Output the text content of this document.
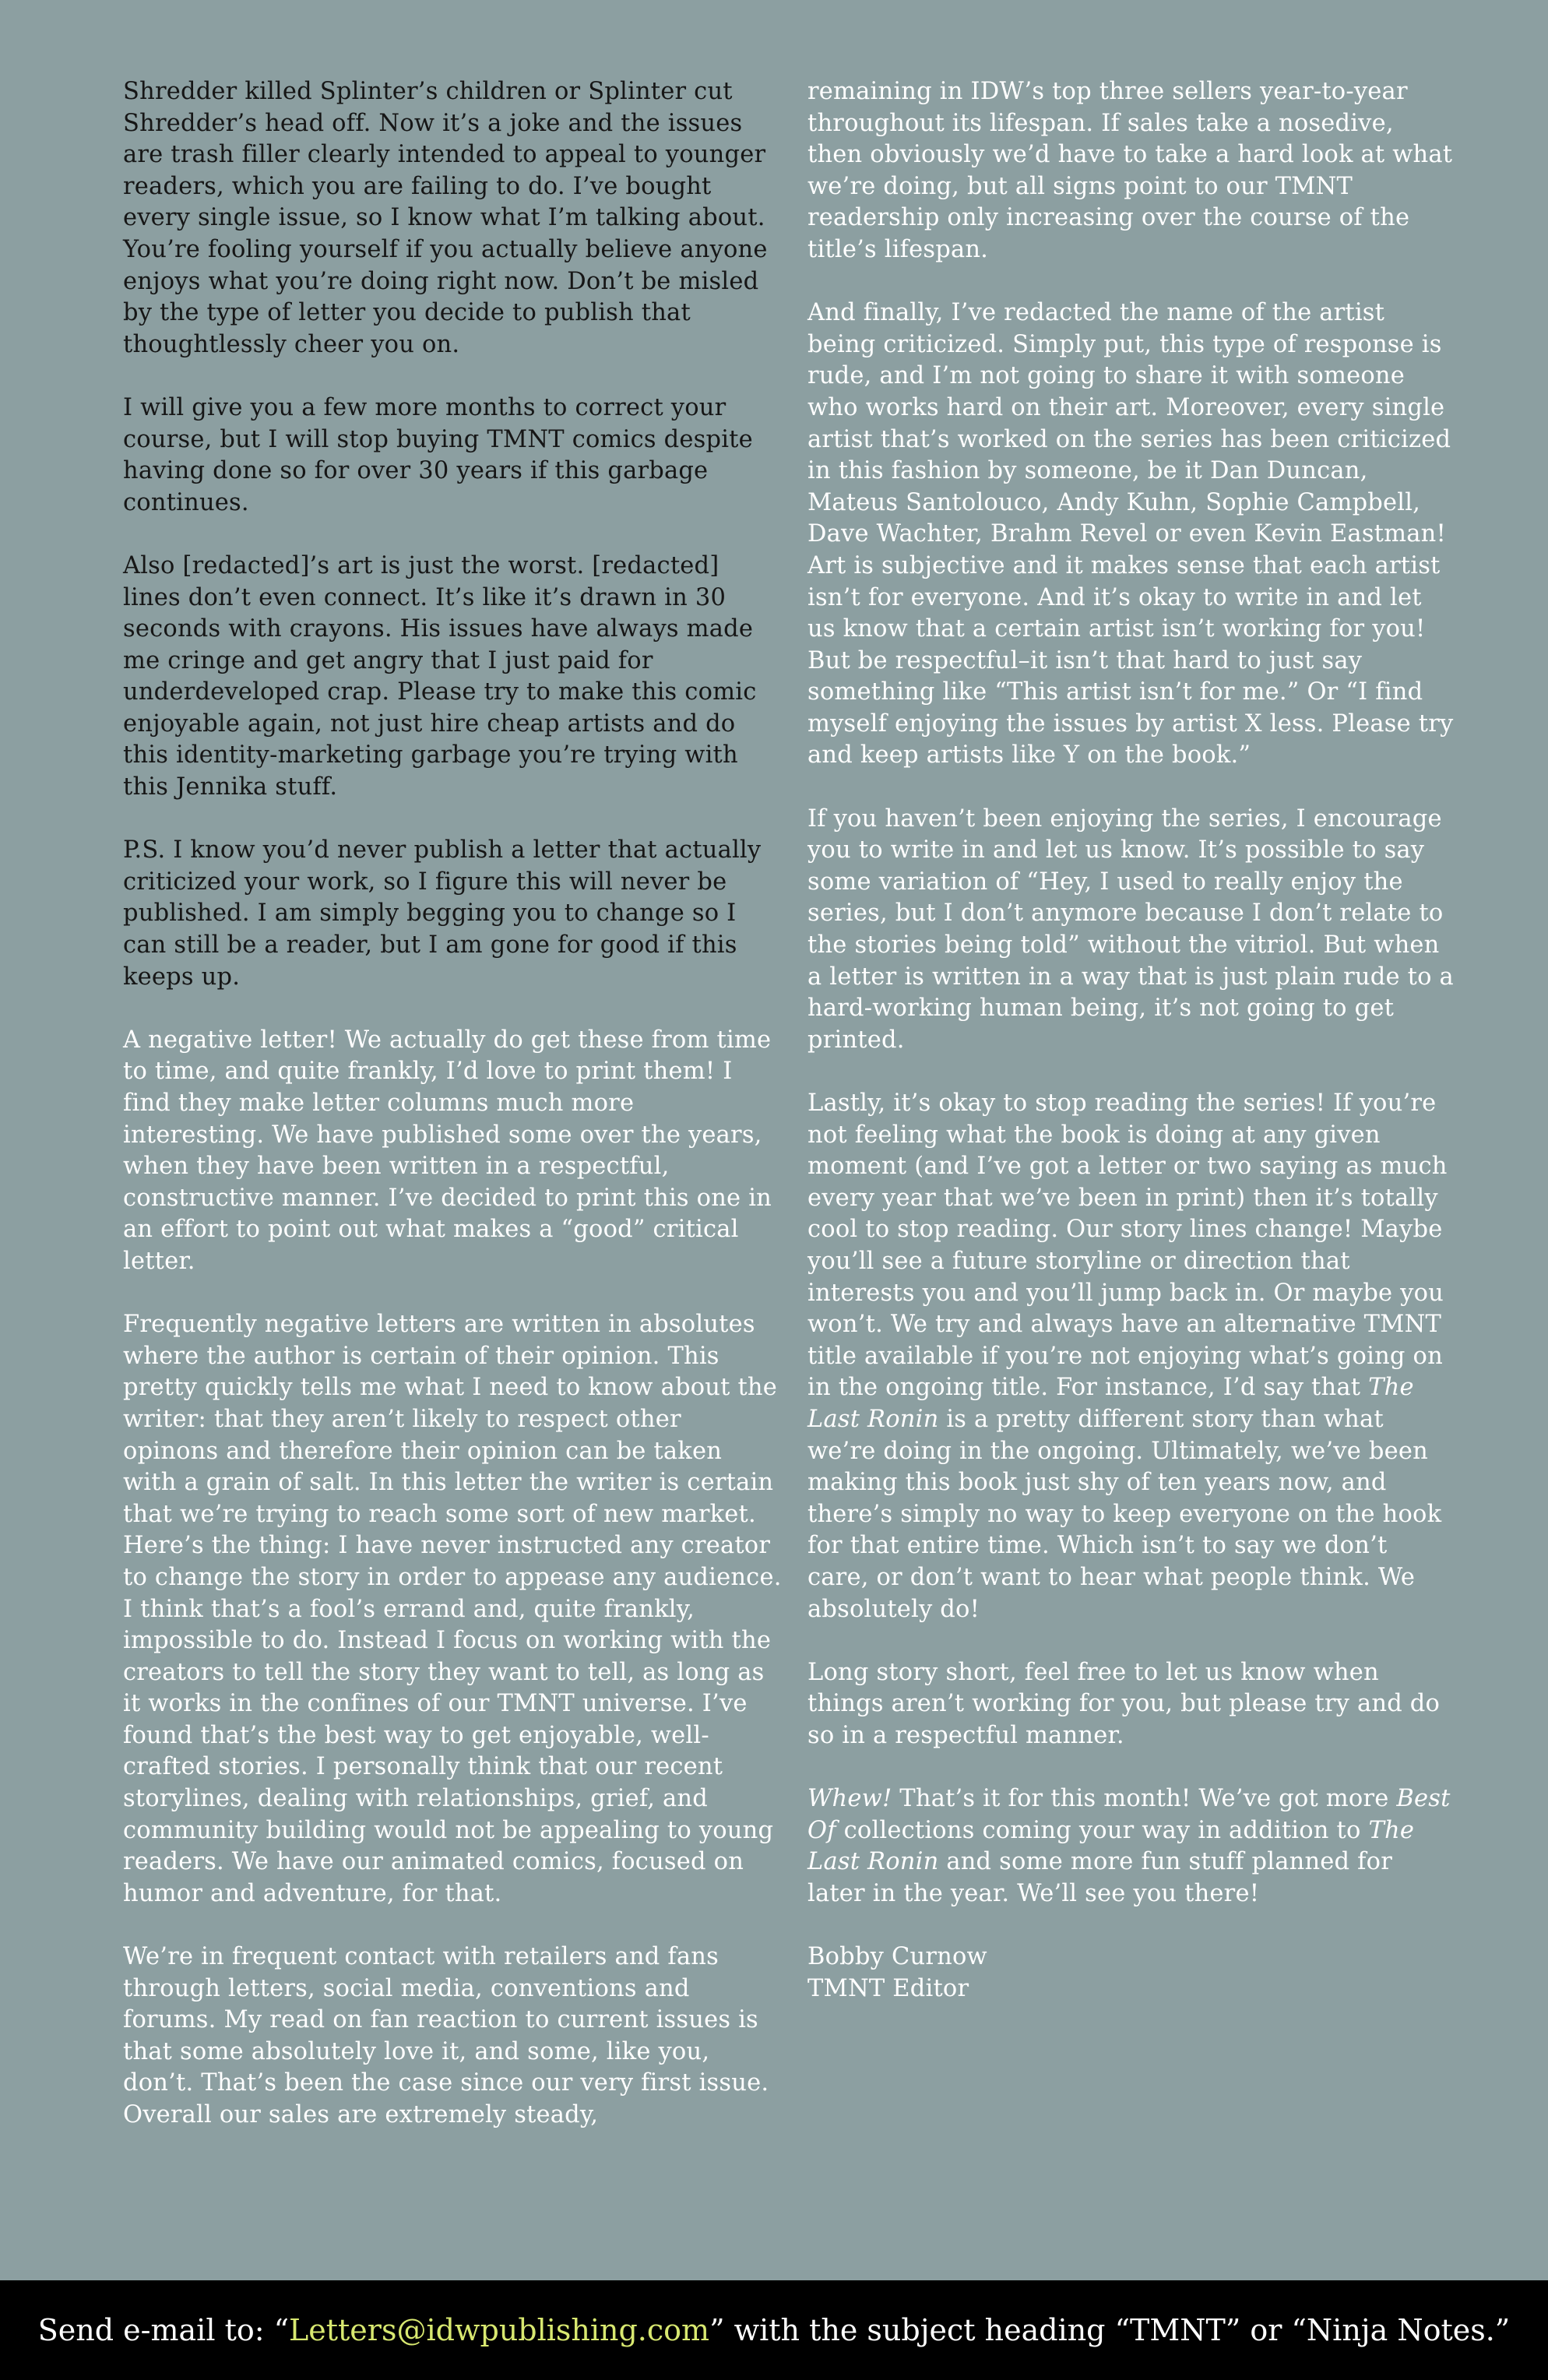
Shredder killed Splinter’s children or Splinter cut Shredder’s head off. Now it’s a joke and the issues are trash filler clearly intended to appeal to younger readers, which you are failing to do. I’ve bought every single issue, so I know what I’m talking about. You’re fooling yourself if you actually believe anyone enjoys what you’re doing right now. Don’t be misled by the type of letter you decide to publish that thoughtlessly cheer you on.

I will give you a few more months to correct your course, but I will stop buying TMNT comics despite having done so for over 30 years if this garbage continues.

Also [redacted]’s art is just the worst. [redacted] lines don’t even connect. It’s like it’s drawn in 30 seconds with crayons. His issues have always made me cringe and get angry that I just paid for underdeveloped crap. Please try to make this comic enjoyable again, not just hire cheap artists and do this identity-marketing garbage you’re trying with this Jennika stuff.

P.S. I know you’d never publish a letter that actually criticized your work, so I figure this will never be published. I am simply begging you to change so I can still be a reader, but I am gone for good if this keeps up.

A negative letter! We actually do get these from time to time, and quite frankly, I’d love to print them! I find they make letter columns much more interesting. We have published some over the years, when they have been written in a respectful, constructive manner. I’ve decided to print this one in an effort to point out what makes a “good” critical letter.

Frequently negative letters are written in absolutes where the author is certain of their opinion. This pretty quickly tells me what I need to know about the writer: that they aren’t likely to respect other opinons and therefore their opinion can be taken with a grain of salt. In this letter the writer is certain that we’re trying to reach some sort of new market. Here’s the thing: I have never instructed any creator to change the story in order to appease any audience. I think that’s a fool’s errand and, quite frankly, impossible to do. Instead I focus on working with the creators to tell the story they want to tell, as long as it works in the confines of our TMNT universe. I’ve found that’s the best way to get enjoyable, well-crafted stories. I personally think that our recent storylines, dealing with relationships, grief, and community building would not be appealing to young readers. We have our animated comics, focused on humor and adventure, for that.

We’re in frequent contact with retailers and fans through letters, social media, conventions and forums. My read on fan reaction to current issues is that some absolutely love it, and some, like you, don’t. That’s been the case since our very first issue. Overall our sales are extremely steady,

remaining in IDW’s top three sellers year-to-year throughout its lifespan. If sales take a nosedive, then obviously we’d have to take a hard look at what we’re doing, but all signs point to our TMNT readership only increasing over the course of the title’s lifespan.

And finally, I’ve redacted the name of the artist being criticized. Simply put, this type of response is rude, and I’m not going to share it with someone who works hard on their art. Moreover, every single artist that’s worked on the series has been criticized in this fashion by someone, be it Dan Duncan, Mateus Santolouco, Andy Kuhn, Sophie Campbell, Dave Wachter, Brahm Revel or even Kevin Eastman! Art is subjective and it makes sense that each artist isn’t for everyone. And it’s okay to write in and let us know that a certain artist isn’t working for you! But be respectful–it isn’t that hard to just say something like “This artist isn’t for me.” Or “I find myself enjoying the issues by artist X less. Please try and keep artists like Y on the book.”

If you haven’t been enjoying the series, I encourage you to write in and let us know. It’s possible to say some variation of “Hey, I used to really enjoy the series, but I don’t anymore because I don’t relate to the stories being told” without the vitriol. But when a letter is written in a way that is just plain rude to a hard-working human being, it’s not going to get printed.

Lastly, it’s okay to stop reading the series! If you’re not feeling what the book is doing at any given moment (and I’ve got a letter or two saying as much every year that we’ve been in print) then it’s totally cool to stop reading. Our story lines change! Maybe you’ll see a future storyline or direction that interests you and you’ll jump back in. Or maybe you won’t. We try and always have an alternative TMNT title available if you’re not enjoying what’s going on in the ongoing title. For instance, I’d say that The Last Ronin is a pretty different story than what we’re doing in the ongoing. Ultimately, we’ve been making this book just shy of ten years now, and there’s simply no way to keep everyone on the hook for that entire time. Which isn’t to say we don’t care, or don’t want to hear what people think. We absolutely do!

Long story short, feel free to let us know when things aren’t working for you, but please try and do so in a respectful manner.

Whew! That’s it for this month! We’ve got more Best Of collections coming your way in addition to The Last Ronin and some more fun stuff planned for later in the year. We’ll see you there!

Bobby Curnow
TMNT Editor

Send e-mail to: “ Letters@idwpublishing.com ” with the subject heading “TMNT” or “Ninja Notes.”
